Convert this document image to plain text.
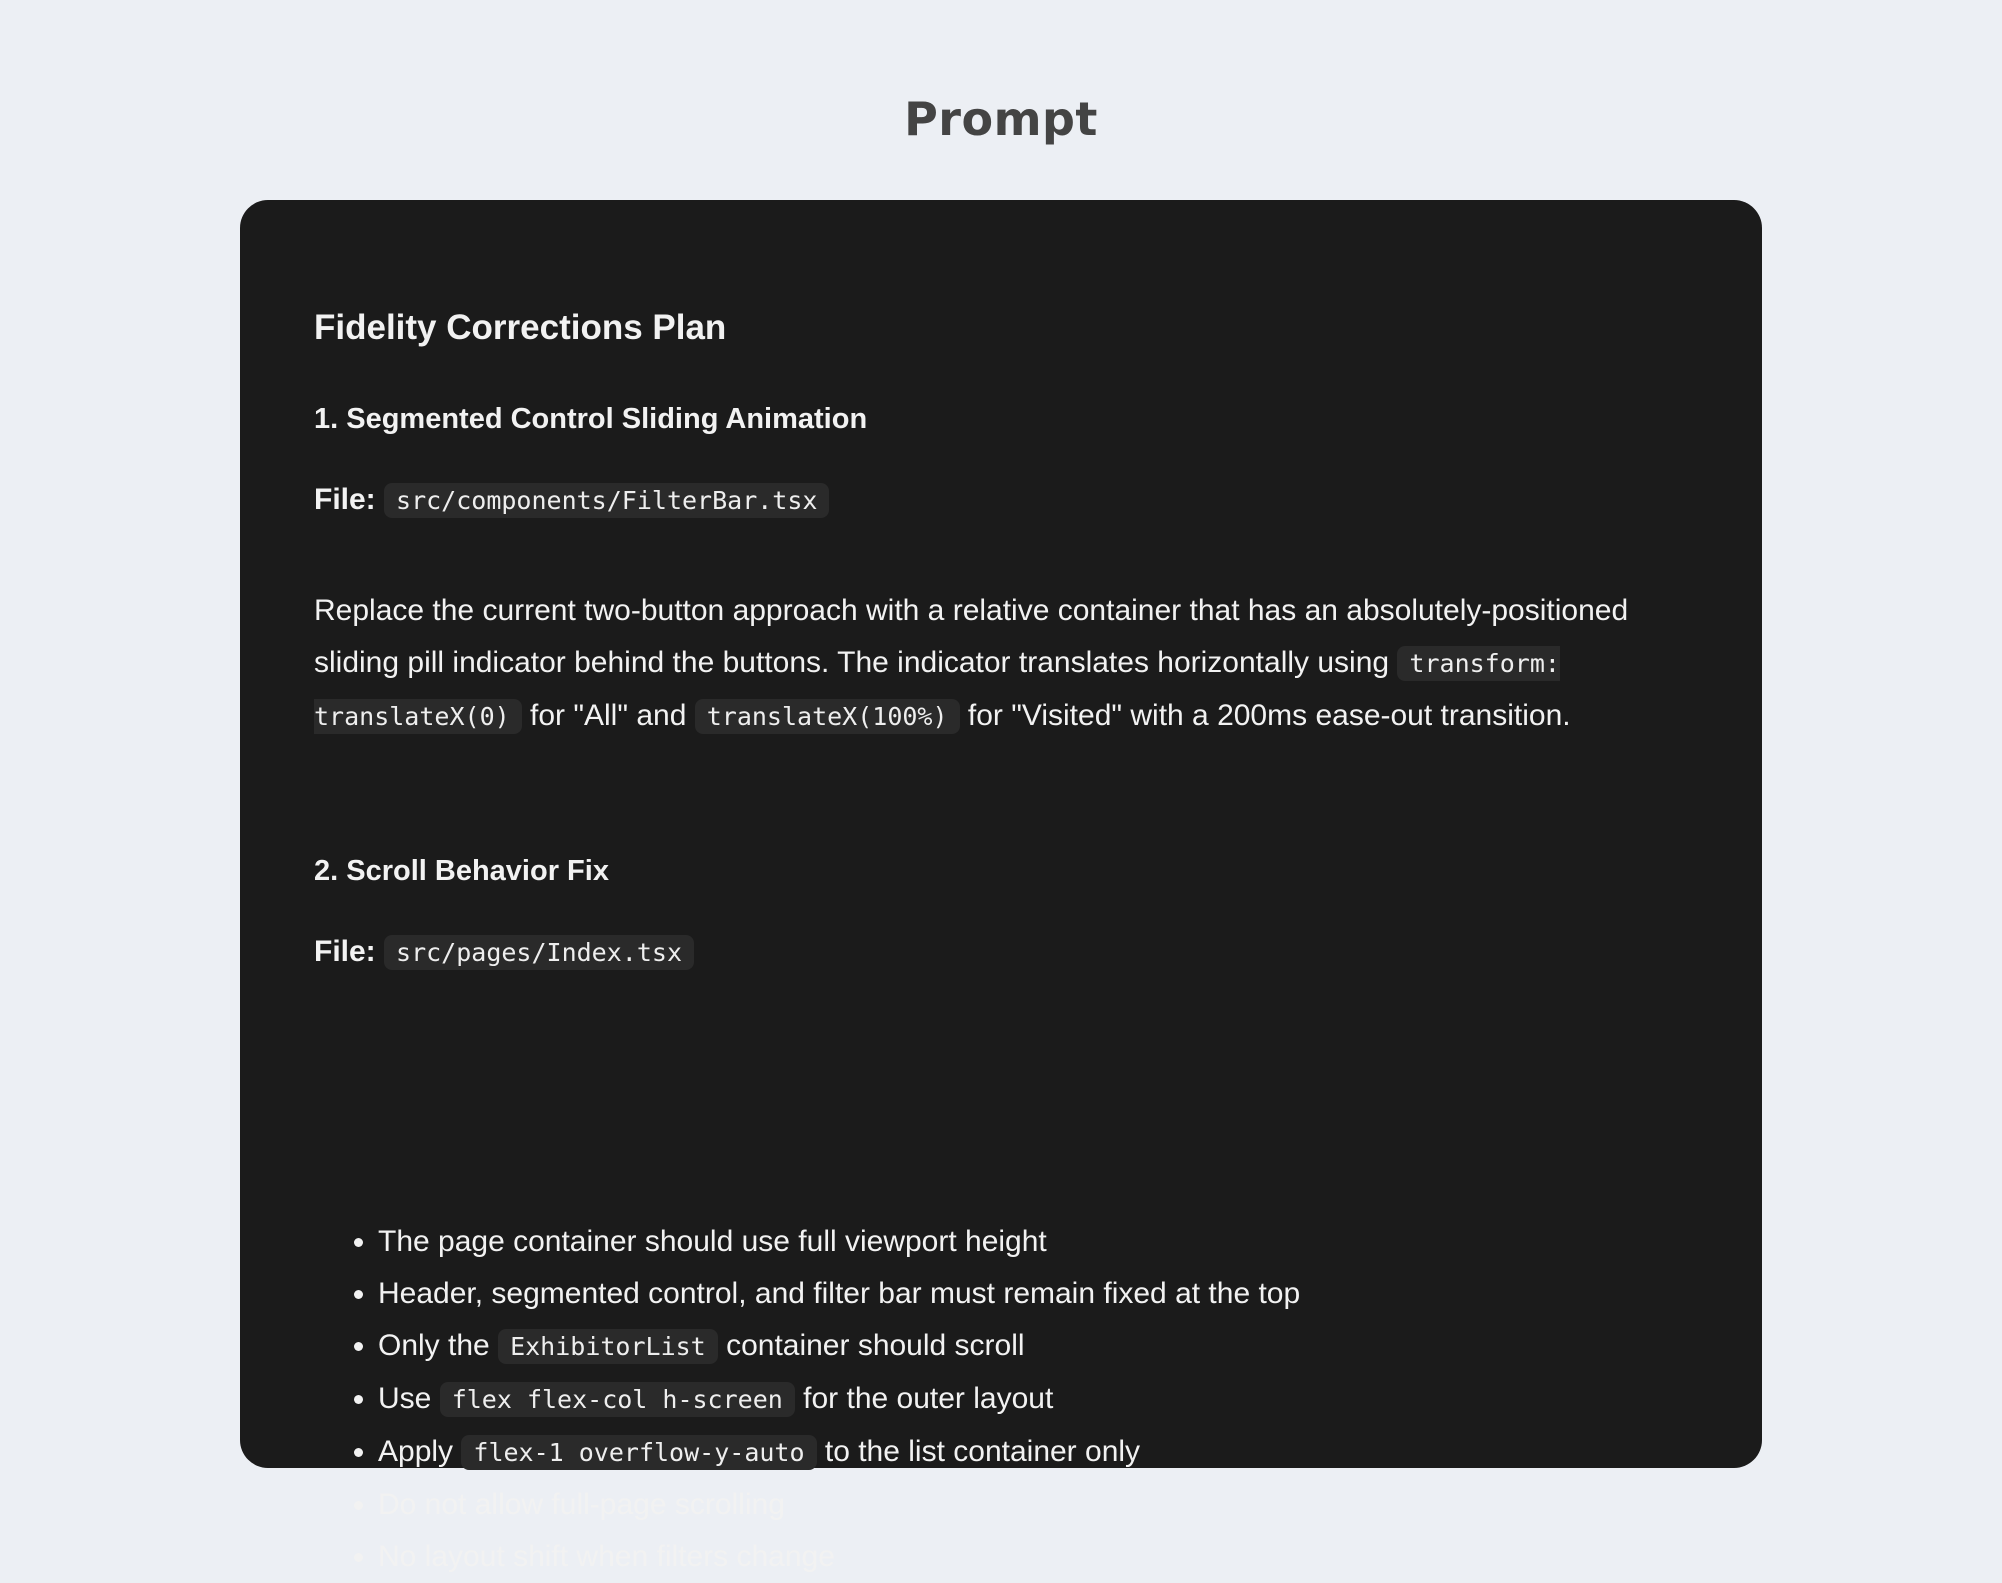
Prompt
Fidelity Corrections Plan
1. Segmented Control Sliding Animation
File: src/components/FilterBar.tsx
Replace the current two-button approach with a relative container that has an absolutely-positioned sliding pill indicator behind the buttons. The indicator translates horizontally using transform: translateX(0) for "All" and translateX(100%) for "Visited" with a 200ms ease-out transition.
2. Scroll Behavior Fix
File: src/pages/Index.tsx
• The page container should use full viewport height
• Header, segmented control, and filter bar must remain fixed at the top
• Only the ExhibitorList container should scroll
• Use flex flex-col h-screen for the outer layout
• Apply flex-1 overflow-y-auto to the list container only
• Do not allow full-page scrolling
• No layout shift when filters change
